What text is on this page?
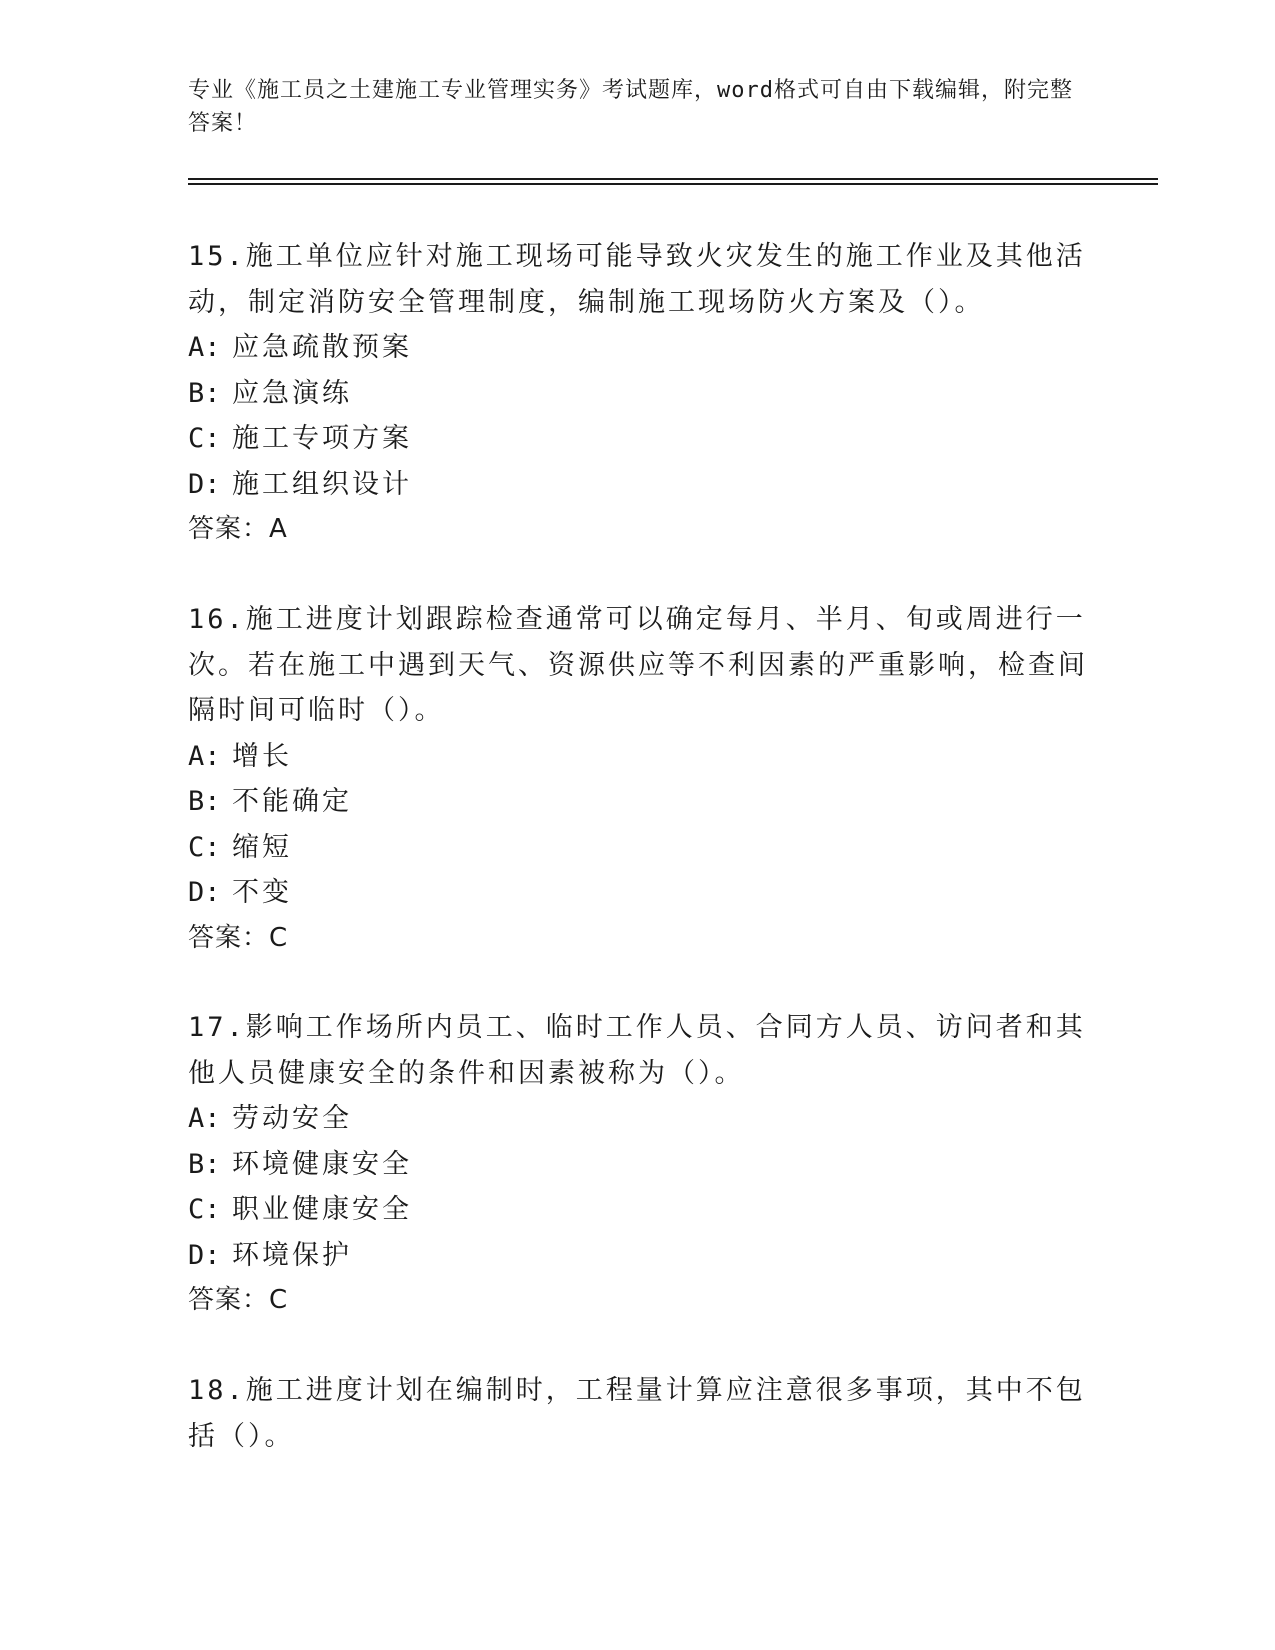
专业《施工员之土建施工专业管理实务》考试题库，word格式可自由下载编辑，附完整答案！
15.施工单位应针对施工现场可能导致火灾发生的施工作业及其他活动，制定消防安全管理制度，编制施工现场防火方案及（）。
A: 应急疏散预案
B: 应急演练
C: 施工专项方案
D: 施工组织设计
答案：A
16.施工进度计划跟踪检查通常可以确定每月、半月、旬或周进行一次。若在施工中遇到天气、资源供应等不利因素的严重影响，检查间隔时间可临时（）。
A: 增长
B: 不能确定
C: 缩短
D: 不变
答案：C
17.影响工作场所内员工、临时工作人员、合同方人员、访问者和其他人员健康安全的条件和因素被称为（）。
A: 劳动安全
B: 环境健康安全
C: 职业健康安全
D: 环境保护
答案：C
18.施工进度计划在编制时，工程量计算应注意很多事项，其中不包括（）。
